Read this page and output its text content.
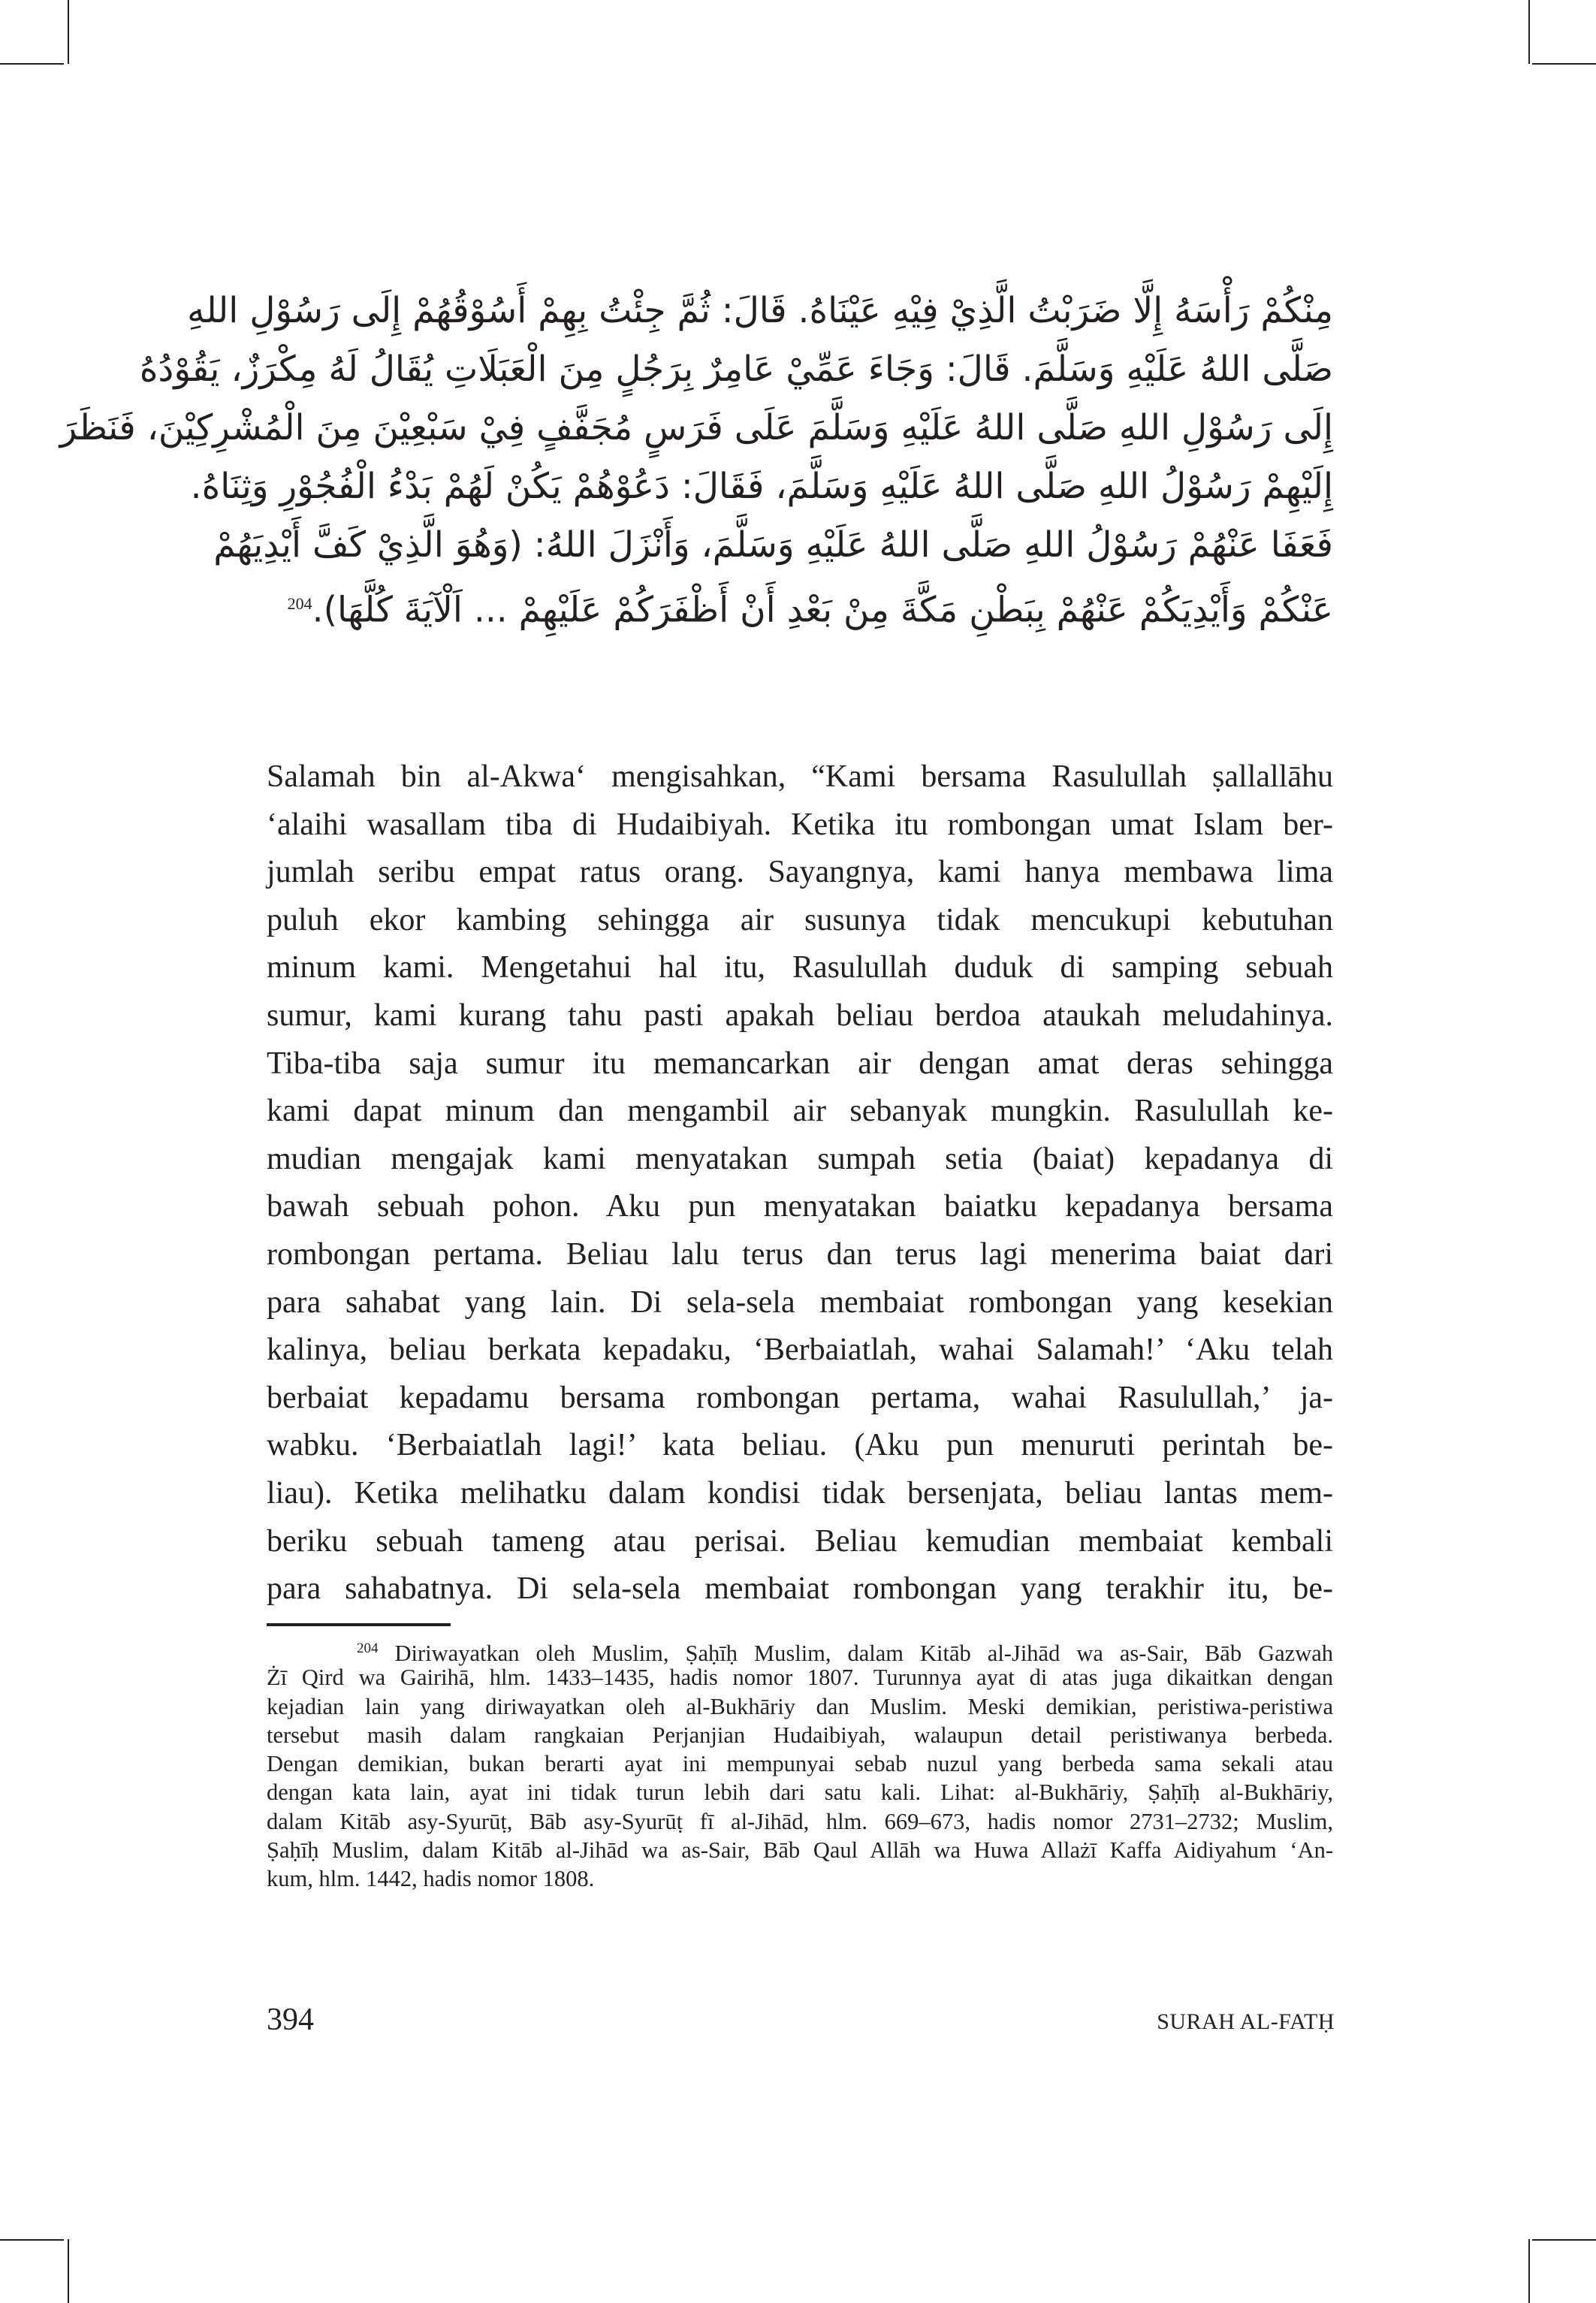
مِنْكُمْ رَأْسَهُ إِلَّا ضَرَبْتُ الَّذِيْ فِيْهِ عَيْنَاهُ. قَالَ: ثُمَّ جِئْتُ بِهِمْ أَسُوْقُهُمْ إِلَى رَسُوْلِ اللهِ
صَلَّى اللهُ عَلَيْهِ وَسَلَّمَ. قَالَ: وَجَاءَ عَمِّيْ عَامِرٌ بِرَجُلٍ مِنَ الْعَبَلَاتِ يُقَالُ لَهُ مِكْرَزٌ، يَقُوْدُهُ
إِلَى رَسُوْلِ اللهِ صَلَّى اللهُ عَلَيْهِ وَسَلَّمَ عَلَى فَرَسٍ مُجَفَّفٍ فِيْ سَبْعِيْنَ مِنَ الْمُشْرِكِيْنَ، فَنَظَرَ
إِلَيْهِمْ رَسُوْلُ اللهِ صَلَّى اللهُ عَلَيْهِ وَسَلَّمَ، فَقَالَ: دَعُوْهُمْ يَكُنْ لَهُمْ بَدْءُ الْفُجُوْرِ وَثِنَاهُ.
فَعَفَا عَنْهُمْ رَسُوْلُ اللهِ صَلَّى اللهُ عَلَيْهِ وَسَلَّمَ، وَأَنْزَلَ اللهُ: (وَهُوَ الَّذِيْ كَفَّ أَيْدِيَهُمْ
عَنْكُمْ وَأَيْدِيَكُمْ عَنْهُمْ بِبَطْنِ مَكَّةَ مِنْ بَعْدِ أَنْ أَظْفَرَكُمْ عَلَيْهِمْ ... اَلْآيَةَ كُلَّهَا).$^{204}$
Salamah bin al-Akwa‘ mengisahkan, “Kami bersama Rasulullah ṣallallāhu
‘alaihi wasallam tiba di Hudaibiyah. Ketika itu rombongan umat Islam ber-
jumlah seribu empat ratus orang. Sayangnya, kami hanya membawa lima
puluh ekor kambing sehingga air susunya tidak mencukupi kebutuhan
minum kami. Mengetahui hal itu, Rasulullah duduk di samping sebuah
sumur, kami kurang tahu pasti apakah beliau berdoa ataukah meludahinya.
Tiba-tiba saja sumur itu memancarkan air dengan amat deras sehingga
kami dapat minum dan mengambil air sebanyak mungkin. Rasulullah ke-
mudian mengajak kami menyatakan sumpah setia (baiat) kepadanya di
bawah sebuah pohon. Aku pun menyatakan baiatku kepadanya bersama
rombongan pertama. Beliau lalu terus dan terus lagi menerima baiat dari
para sahabat yang lain. Di sela-sela membaiat rombongan yang kesekian
kalinya, beliau berkata kepadaku, ‘Berbaiatlah, wahai Salamah!’ ‘Aku telah
berbaiat kepadamu bersama rombongan pertama, wahai Rasulullah,’ ja-
wabku. ‘Berbaiatlah lagi!’ kata beliau. (Aku pun menuruti perintah be-
liau). Ketika melihatku dalam kondisi tidak bersenjata, beliau lantas mem-
beriku sebuah tameng atau perisai. Beliau kemudian membaiat kembali
para sahabatnya. Di sela-sela membaiat rombongan yang terakhir itu, be-
$^{204}$ Diriwayatkan oleh Muslim, Ṣaḥīḥ Muslim, dalam Kitāb al-Jihād wa as-Sair, Bāb Gazwah
Żī Qird wa Gairihā, hlm. 1433–1435, hadis nomor 1807. Turunnya ayat di atas juga dikaitkan dengan
kejadian lain yang diriwayatkan oleh al-Bukhāriy dan Muslim. Meski demikian, peristiwa-peristiwa
tersebut masih dalam rangkaian Perjanjian Hudaibiyah, walaupun detail peristiwanya berbeda.
Dengan demikian, bukan berarti ayat ini mempunyai sebab nuzul yang berbeda sama sekali atau
dengan kata lain, ayat ini tidak turun lebih dari satu kali. Lihat: al-Bukhāriy, Ṣaḥīḥ al-Bukhāriy,
dalam Kitāb asy-Syurūṭ, Bāb asy-Syurūṭ fī al-Jihād, hlm. 669–673, hadis nomor 2731–2732; Muslim,
Ṣaḥīḥ Muslim, dalam Kitāb al-Jihād wa as-Sair, Bāb Qaul Allāh wa Huwa Allażī Kaffa Aidiyahum ‘An-
kum, hlm. 1442, hadis nomor 1808.
394	SURAH AL-FATḤ
